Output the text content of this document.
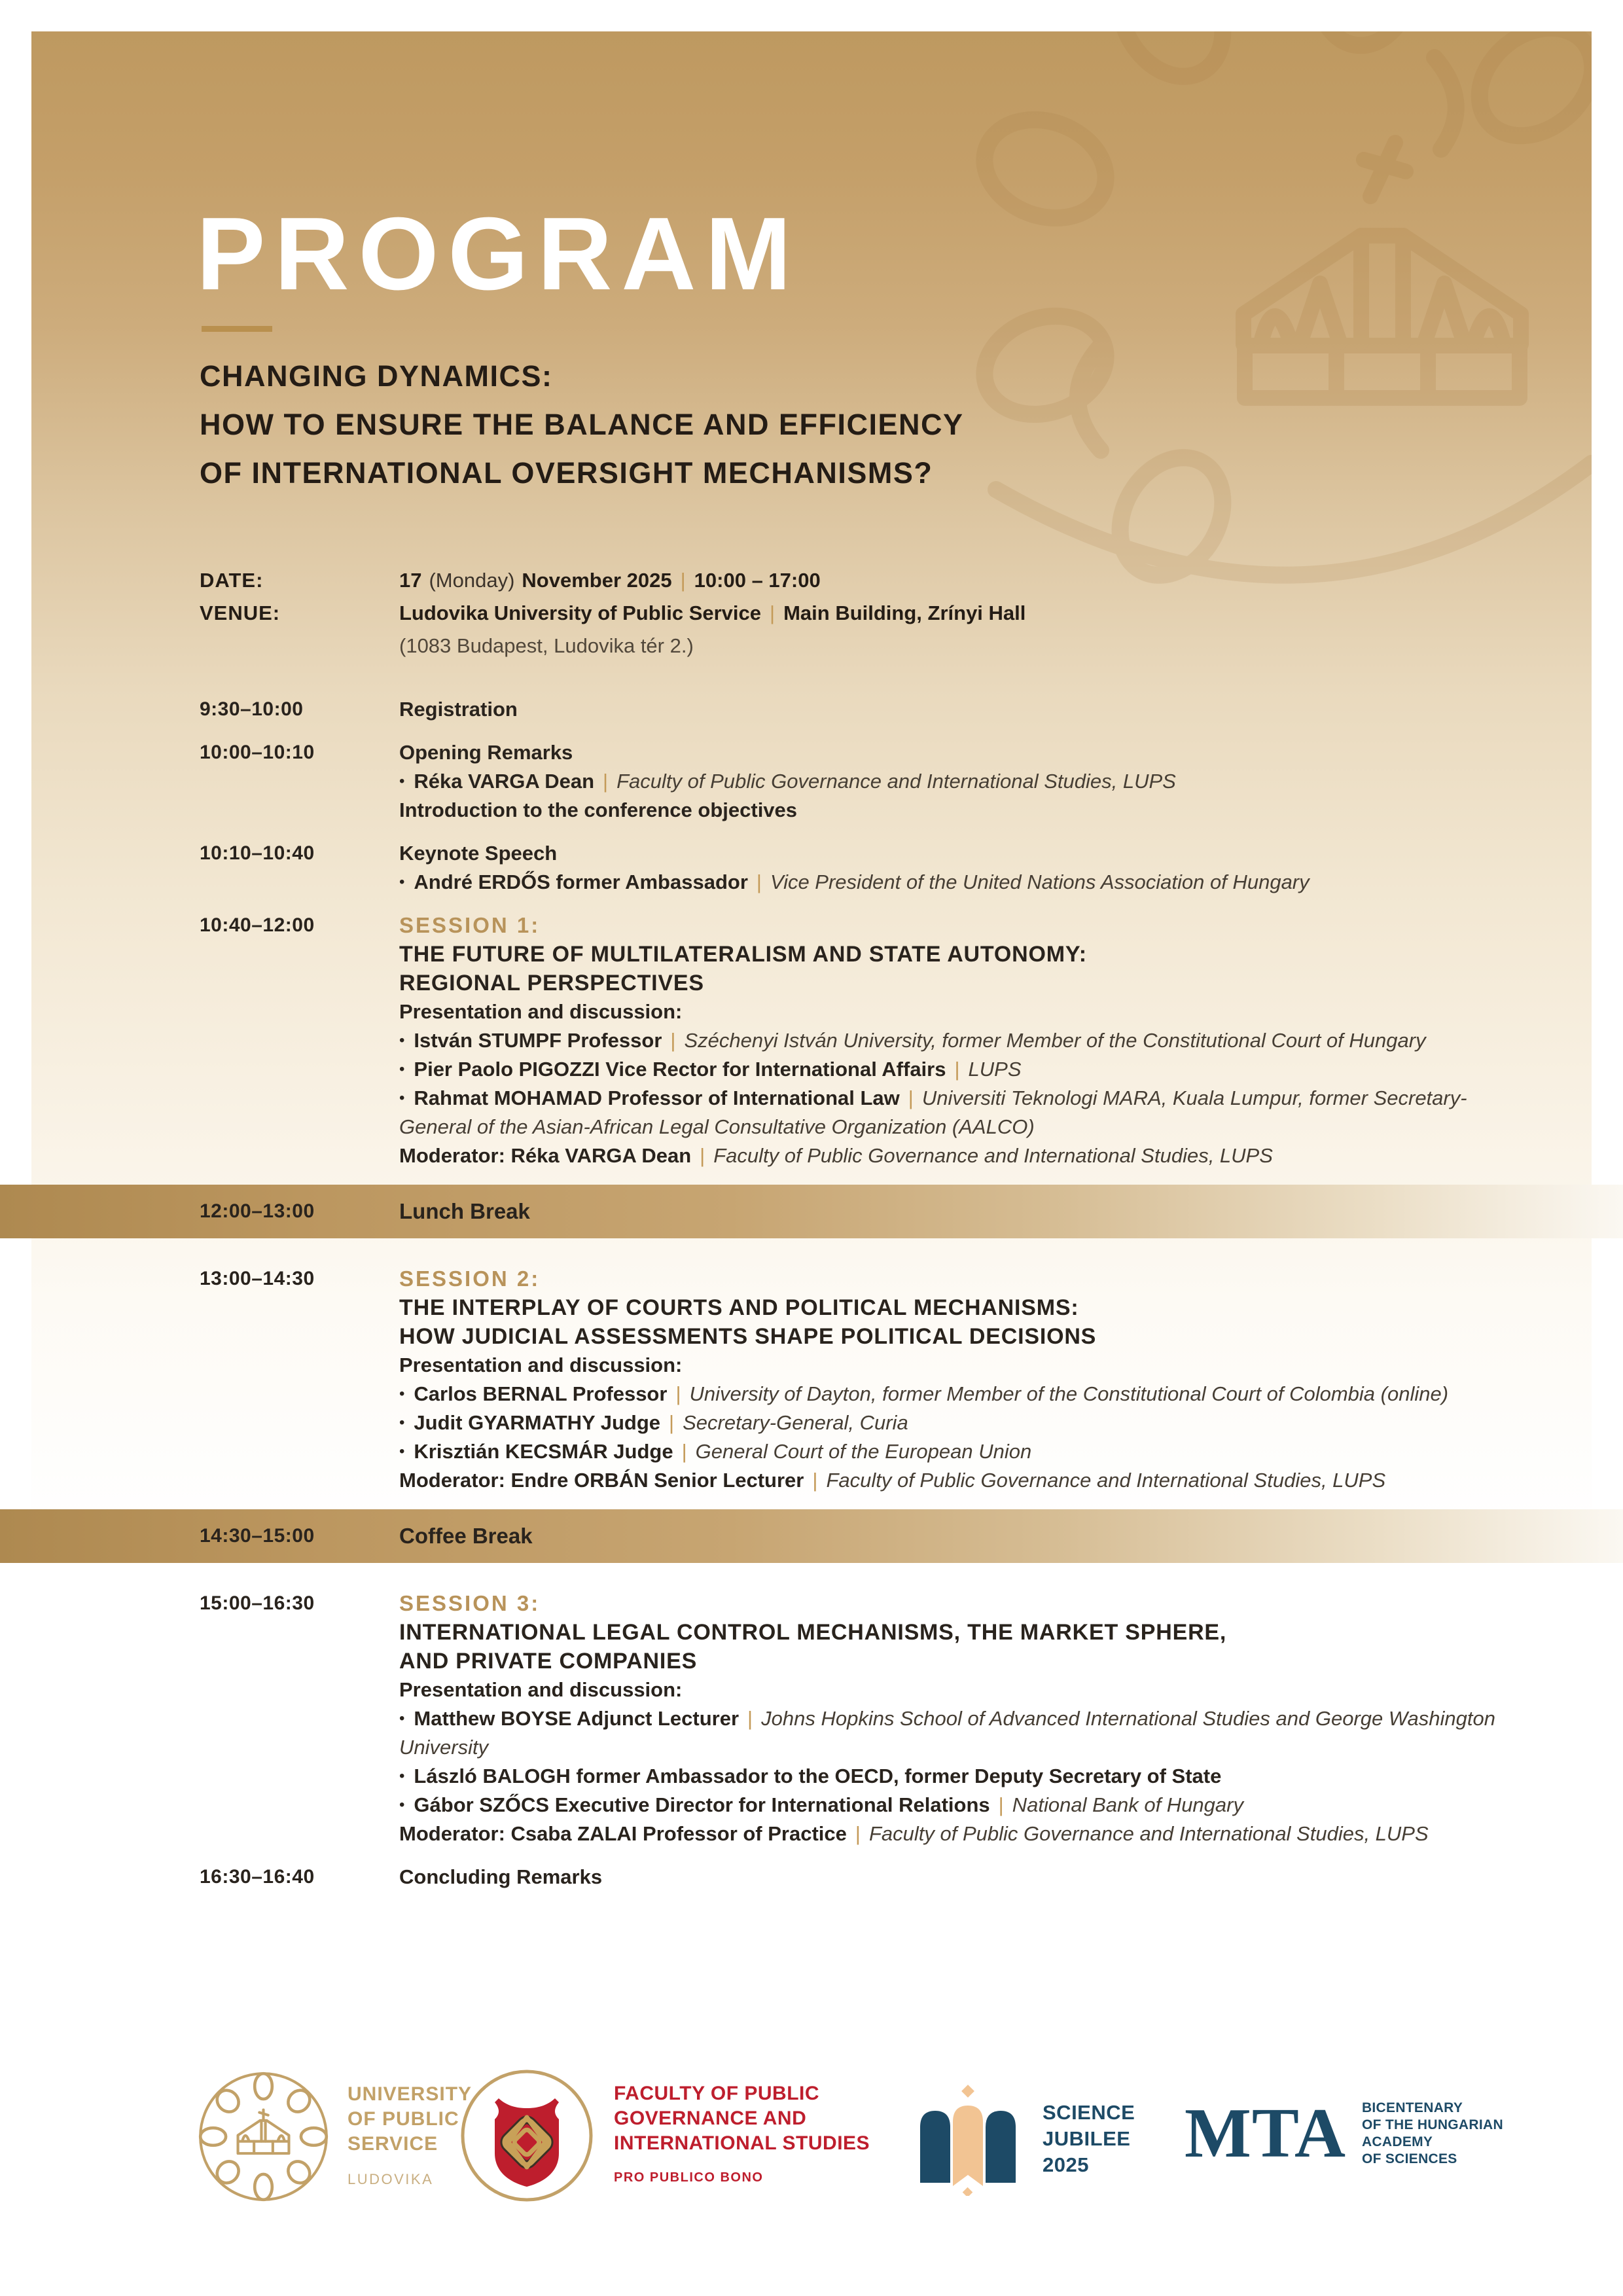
PROGRAM
CHANGING DYNAMICS:
HOW TO ENSURE THE BALANCE AND EFFICIENCY
OF INTERNATIONAL OVERSIGHT MECHANISMS?
DATE:	17 (Monday) November 2025 | 10:00 – 17:00
VENUE:	Ludovika University of Public Service | Main Building, Zrínyi Hall
(1083 Budapest, Ludovika tér 2.)
9:30–10:00	Registration
10:00–10:10	Opening Remarks
• Réka VARGA Dean | Faculty of Public Governance and International Studies, LUPS
Introduction to the conference objectives
10:10–10:40	Keynote Speech
• André ERDŐS former Ambassador | Vice President of the United Nations Association of Hungary
10:40–12:00	SESSION 1:
THE FUTURE OF MULTILATERALISM AND STATE AUTONOMY:
REGIONAL PERSPECTIVES
Presentation and discussion:
• István STUMPF Professor | Széchenyi István University, former Member of the Constitutional Court of Hungary
• Pier Paolo PIGOZZI Vice Rector for International Affairs | LUPS
• Rahmat MOHAMAD Professor of International Law | Universiti Teknologi MARA, Kuala Lumpur, former Secretary-General of the Asian-African Legal Consultative Organization (AALCO)
Moderator: Réka VARGA Dean | Faculty of Public Governance and International Studies, LUPS
12:00–13:00	Lunch Break
13:00–14:30	SESSION 2:
THE INTERPLAY OF COURTS AND POLITICAL MECHANISMS:
HOW JUDICIAL ASSESSMENTS SHAPE POLITICAL DECISIONS
Presentation and discussion:
• Carlos BERNAL Professor | University of Dayton, former Member of the Constitutional Court of Colombia (online)
• Judit GYARMATHY Judge | Secretary-General, Curia
• Krisztián KECSMÁR Judge | General Court of the European Union
Moderator: Endre ORBÁN Senior Lecturer | Faculty of Public Governance and International Studies, LUPS
14:30–15:00	Coffee Break
15:00–16:30	SESSION 3:
INTERNATIONAL LEGAL CONTROL MECHANISMS, THE MARKET SPHERE,
AND PRIVATE COMPANIES
Presentation and discussion:
• Matthew BOYSE Adjunct Lecturer | Johns Hopkins School of Advanced International Studies and George Washington University
• László BALOGH former Ambassador to the OECD, former Deputy Secretary of State
• Gábor SZŐCS Executive Director for International Relations | National Bank of Hungary
Moderator: Csaba ZALAI Professor of Practice | Faculty of Public Governance and International Studies, LUPS
16:30–16:40	Concluding Remarks
UNIVERSITY
OF PUBLIC
SERVICE
LUDOVIKA
FACULTY OF PUBLIC
GOVERNANCE AND
INTERNATIONAL STUDIES
PRO PUBLICO BONO
SCIENCE
JUBILEE
2025	MTA BICENTENARY
OF THE HUNGARIAN
ACADEMY
OF SCIENCES
